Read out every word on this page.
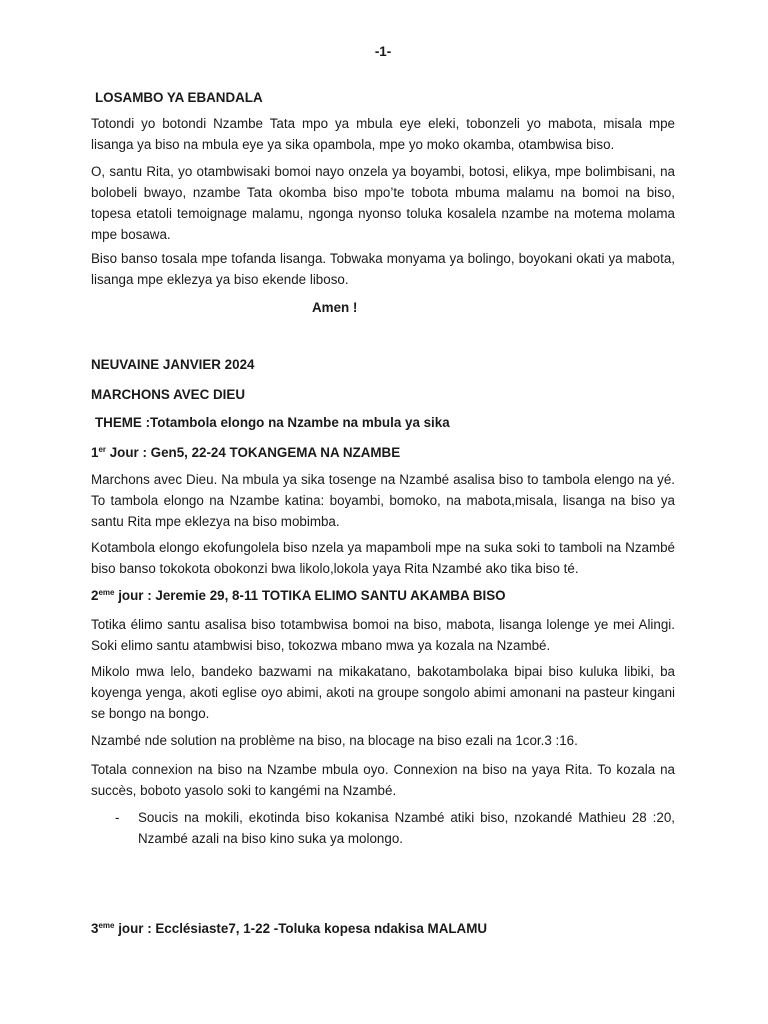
-1-

LOSAMBO YA EBANDALA

Totondi yo botondi Nzambe Tata mpo ya mbula eye eleki, tobonzeli yo mabota, misala mpe lisanga ya biso na mbula eye ya sika opambola, mpe yo moko okamba, otambwisa biso.

O, santu Rita, yo otambwisaki bomoi nayo onzela ya boyambi, botosi, elikya, mpe bolimbisani, na bolobeli bwayo, nzambe Tata okomba biso mpo’te tobota mbuma malamu na bomoi na biso, topesa etatoli temoignage malamu, ngonga nyonso toluka kosalela nzambe na motema molama mpe bosawa.

Biso banso tosala mpe tofanda lisanga. Tobwaka monyama ya bolingo, boyokani okati ya mabota, lisanga mpe eklezya ya biso ekende liboso.

Amen !

NEUVAINE JANVIER 2024

MARCHONS AVEC DIEU

THEME :Totambola elongo na Nzambe na mbula ya sika

1er Jour : Gen5, 22-24 TOKANGEMA NA NZAMBE

Marchons avec Dieu. Na mbula ya sika tosenge na Nzambé asalisa biso to tambola elengo na yé. To tambola elongo na Nzambe katina: boyambi, bomoko, na mabota,misala, lisanga na biso ya santu Rita mpe eklezya na biso mobimba.

Kotambola elongo ekofungolela biso nzela ya mapamboli mpe na suka soki to tamboli na Nzambé biso banso tokokota obokonzi bwa likolo,lokola yaya Rita Nzambé ako tika biso té.

2eme jour : Jeremie 29, 8-11 TOTIKA ELIMO SANTU AKAMBA BISO

Totika élimo santu asalisa biso totambwisa bomoi na biso, mabota, lisanga lolenge ye mei Alingi. Soki elimo santu atambwisi biso, tokozwa mbano mwa ya kozala na Nzambé.

Mikolo mwa lelo, bandeko bazwami na mikakatano, bakotambolaka bipai biso kuluka libiki, ba koyenga yenga, akoti eglise oyo abimi, akoti na groupe songolo abimi amonani na pasteur kingani se bongo na bongo.

Nzambé nde solution na problème na biso, na blocage na biso ezali na 1cor.3 :16.

Totala connexion na biso na Nzambe mbula oyo. Connexion na biso na yaya Rita. To kozala na succès, boboto yasolo soki to kangémi na Nzambé.

-	Soucis na mokili, ekotinda biso kokanisa Nzambé atiki biso, nzokandé Mathieu 28 :20, Nzambé azali na biso kino suka ya molongo.

3eme jour : Ecclésiaste7, 1-22 -Toluka kopesa ndakisa MALAMU
